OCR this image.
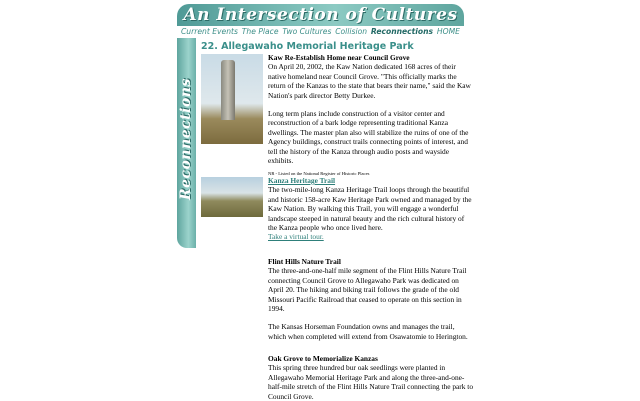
An Intersection of Cultures
Current Events The Place Two Cultures Collision Reconnections HOME
Reconnections
22. Allegawaho Memorial Heritage Park

Kaw Re-Establish Home near Council Grove

On April 20, 2002, the Kaw Nation dedicated 168 acres of their native homeland near Council Grove. "This officially marks the return of the Kanzas to the state that bears their name," said the Kaw Nation's park director Betty Durkee.

Long term plans include construction of a visitor center and reconstruction of a bark lodge representing traditional Kanza dwellings. The master plan also will stabilize the ruins of one of the Agency buildings, construct trails connecting points of interest, and tell the history of the Kanza through audio posts and wayside exhibits.

NR - Listed on the National Register of Historic Places

Kanza Heritage Trail

The two-mile-long Kanza Heritage Trail loops through the beautiful and historic 158-acre Kaw Heritage Park owned and managed by the Kaw Nation. By walking this Trail, you will engage a wonderful landscape steeped in natural beauty and the rich cultural history of the Kanza people who once lived here.

Take a virtual tour.

Flint Hills Nature Trail

The three-and-one-half mile segment of the Flint Hills Nature Trail connecting Council Grove to Allegawaho Park was dedicated on April 20. The hiking and biking trail follows the grade of the old Missouri Pacific Railroad that ceased to operate on this section in 1994.

The Kansas Horseman Foundation owns and manages the trail, which when completed will extend from Osawatomie to Herington.

Oak Grove to Memorialize Kanzas

This spring three hundred bur oak seedlings were planted in Allegawaho Memorial Heritage Park and along the three-and-one-half-mile stretch of the Flint Hills Nature Trail connecting the park to Council Grove.
